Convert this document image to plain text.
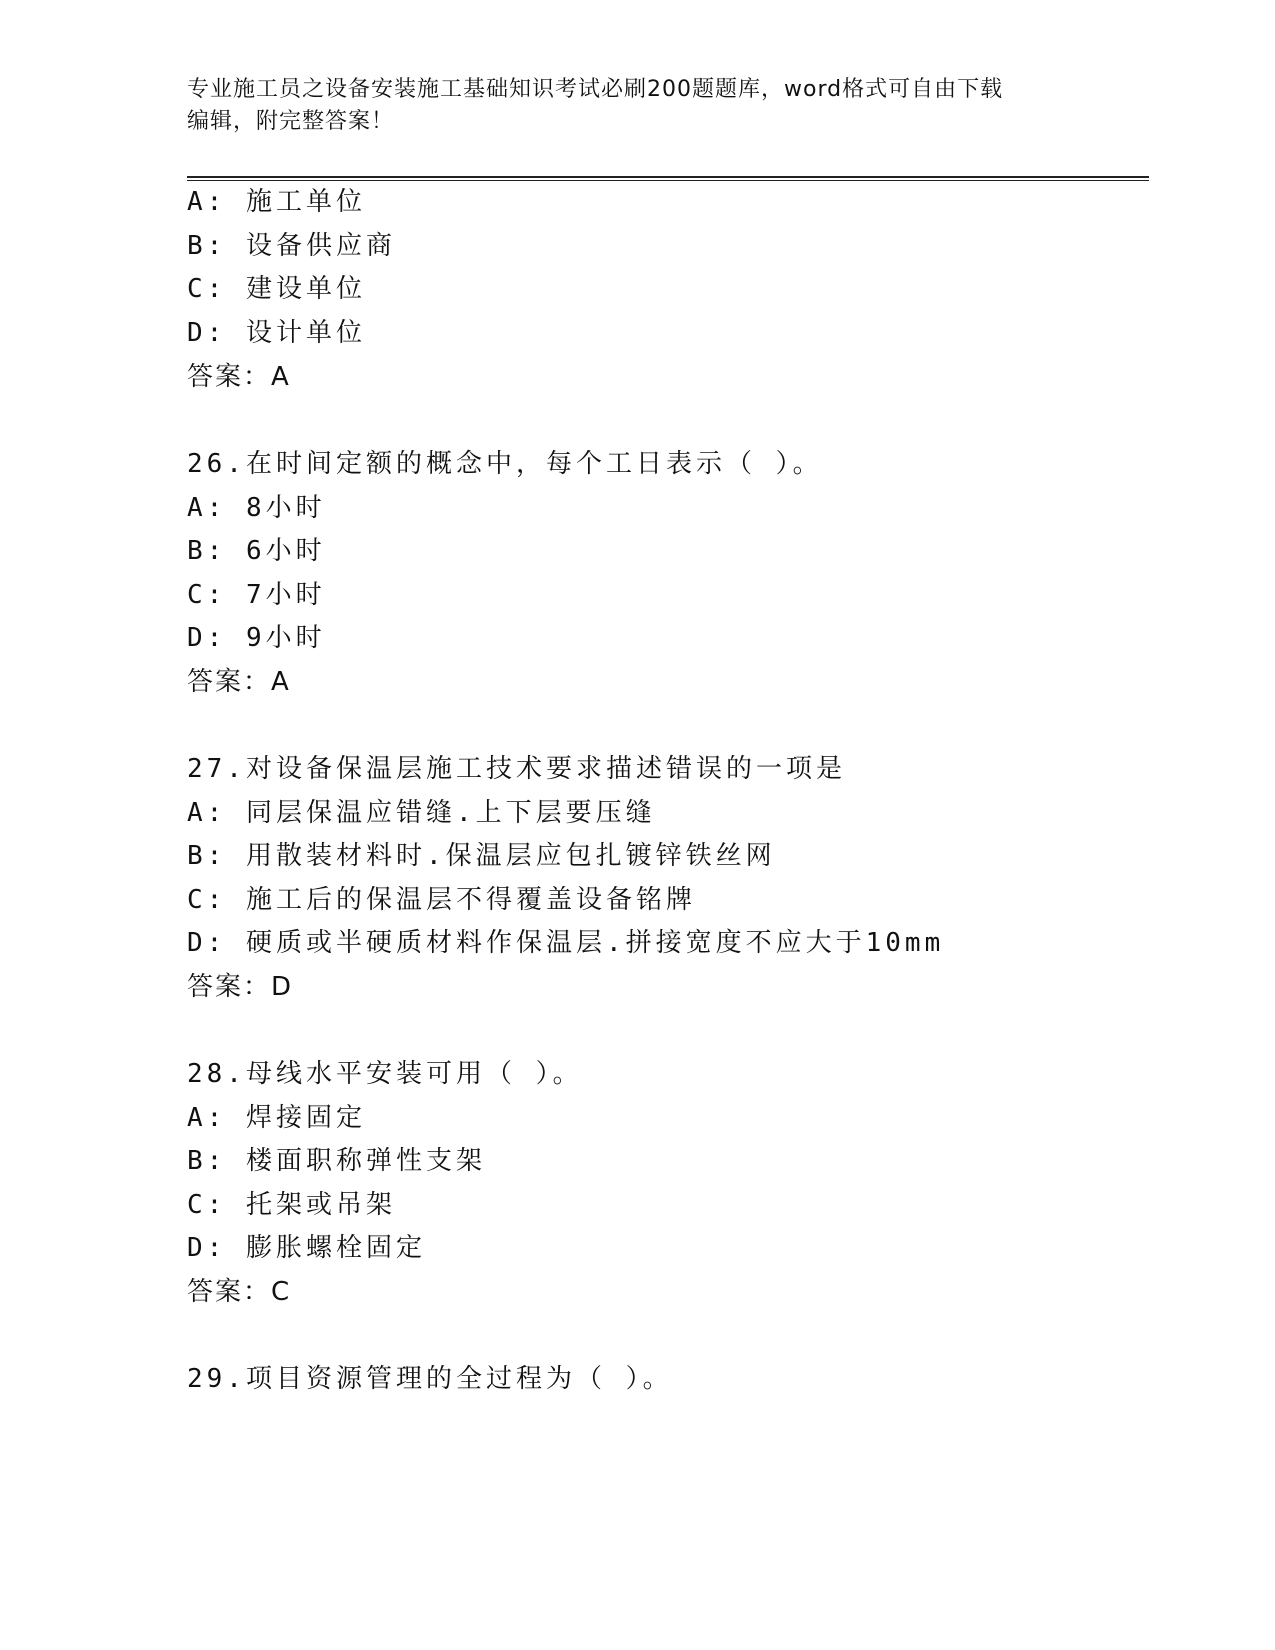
专业施工员之设备安装施工基础知识考试必刷200题题库，word格式可自由下载
编辑，附完整答案！
A: 施工单位
B: 设备供应商
C: 建设单位
D: 设计单位
答案：A
26.在时间定额的概念中，每个工日表示（ ）。
A: 8小时
B: 6小时
C: 7小时
D: 9小时
答案：A
27.对设备保温层施工技术要求描述错误的一项是
A: 同层保温应错缝.上下层要压缝
B: 用散装材料时.保温层应包扎镀锌铁丝网
C: 施工后的保温层不得覆盖设备铭牌
D: 硬质或半硬质材料作保温层.拼接宽度不应大于10mm
答案：D
28.母线水平安装可用（ ）。
A: 焊接固定
B: 楼面职称弹性支架
C: 托架或吊架
D: 膨胀螺栓固定
答案：C
29.项目资源管理的全过程为（ ）。
